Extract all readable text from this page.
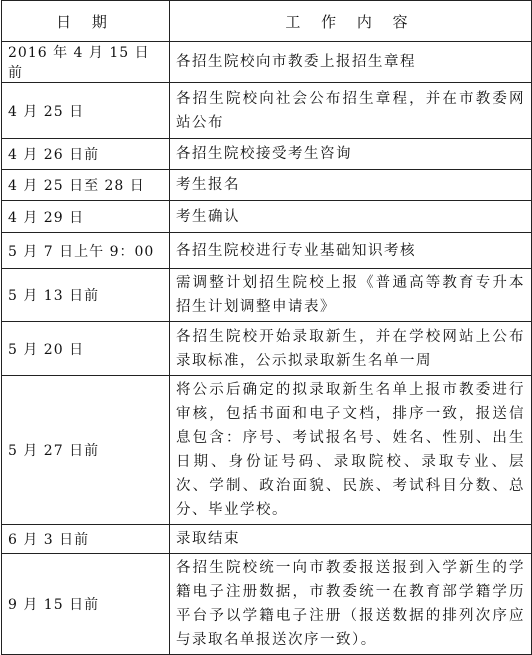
日 期	工 作 内 容
2016 年 4 月 15 日前	各招生院校向市教委上报招生章程
4 月 25 日	各招生院校向社会公布招生章程，并在市教委网站公布
4 月 26 日前	各招生院校接受考生咨询
4 月 25 日至 28 日	考生报名
4 月 29 日	考生确认
5 月 7 日上午 9：00	各招生院校进行专业基础知识考核
5 月 13 日前	需调整计划招生院校上报《普通高等教育专升本招生计划调整申请表》
5 月 20 日	各招生院校开始录取新生，并在学校网站上公布录取标准，公示拟录取新生名单一周
5 月 27 日前	将公示后确定的拟录取新生名单上报市教委进行审核，包括书面和电子文档，排序一致，报送信息包含：序号、考试报名号、姓名、性别、出生日期、身份证号码、录取院校、录取专业、层次、学制、政治面貌、民族、考试科目分数、总分、毕业学校。
6 月 3 日前	录取结束
9 月 15 日前	各招生院校统一向市教委报送报到入学新生的学籍电子注册数据，市教委统一在教育部学籍学历平台予以学籍电子注册（报送数据的排列次序应与录取名单报送次序一致）。
